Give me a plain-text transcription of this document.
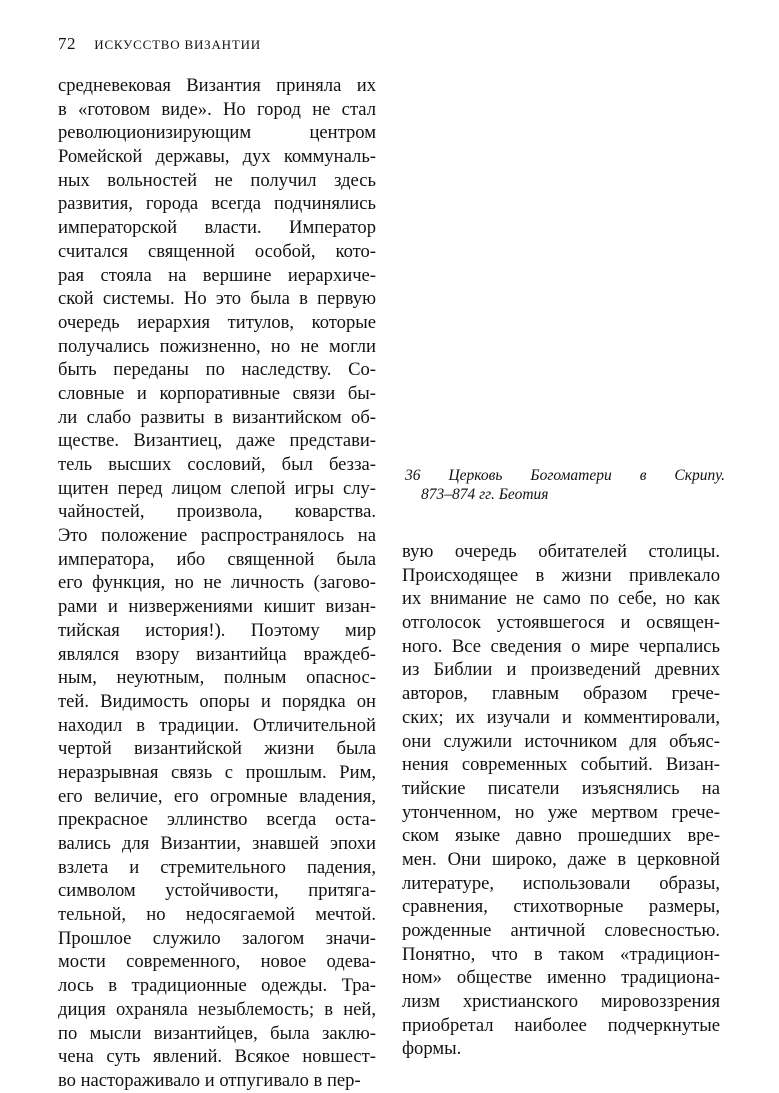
72 ИСКУССТВО ВИЗАНТИИ
средневековая Византия приняла их
в «готовом виде». Но город не стал
революционизирующим центром
Ромейской державы, дух коммуналь-
ных вольностей не получил здесь
развития, города всегда подчинялись
императорской власти. Император
считался священной особой, кото-
рая стояла на вершине иерархиче-
ской системы. Но это была в первую
очередь иерархия титулов, которые
получались пожизненно, но не могли
быть переданы по наследству. Со-
словные и корпоративные связи бы-
ли слабо развиты в византийском об-
ществе. Византиец, даже представи-
тель высших сословий, был безза-
щитен перед лицом слепой игры слу-
чайностей, произвола, коварства.
Это положение распространялось на
императора, ибо священной была
его функция, но не личность (загово-
рами и низвержениями кишит визан-
тийская история!). Поэтому мир
являлся взору византийца враждеб-
ным, неуютным, полным опаснос-
тей. Видимость опоры и порядка он
находил в традиции. Отличительной
чертой византийской жизни была
неразрывная связь с прошлым. Рим,
его величие, его огромные владения,
прекрасное эллинство всегда оста-
вались для Византии, знавшей эпохи
взлета и стремительного падения,
символом устойчивости, притяга-
тельной, но недосягаемой мечтой.
Прошлое служило залогом значи-
мости современного, новое одева-
лось в традиционные одежды. Тра-
диция охраняла незыблемость; в ней,
по мысли византийцев, была заклю-
чена суть явлений. Всякое новшест-
во настораживало и отпугивало в пер-
36 Церковь Богоматери в Скрипу.
873–874 гг. Беотия
вую очередь обитателей столицы.
Происходящее в жизни привлекало
их внимание не само по себе, но как
отголосок устоявшегося и освящен-
ного. Все сведения о мире черпались
из Библии и произведений древних
авторов, главным образом грече-
ских; их изучали и комментировали,
они служили источником для объяс-
нения современных событий. Визан-
тийские писатели изъяснялись на
утонченном, но уже мертвом грече-
ском языке давно прошедших вре-
мен. Они широко, даже в церковной
литературе, использовали образы,
сравнения, стихотворные размеры,
рожденные античной словесностью.
Понятно, что в таком «традицион-
ном» обществе именно традициона-
лизм христианского мировоззрения
приобретал наиболее подчеркнутые
формы.
